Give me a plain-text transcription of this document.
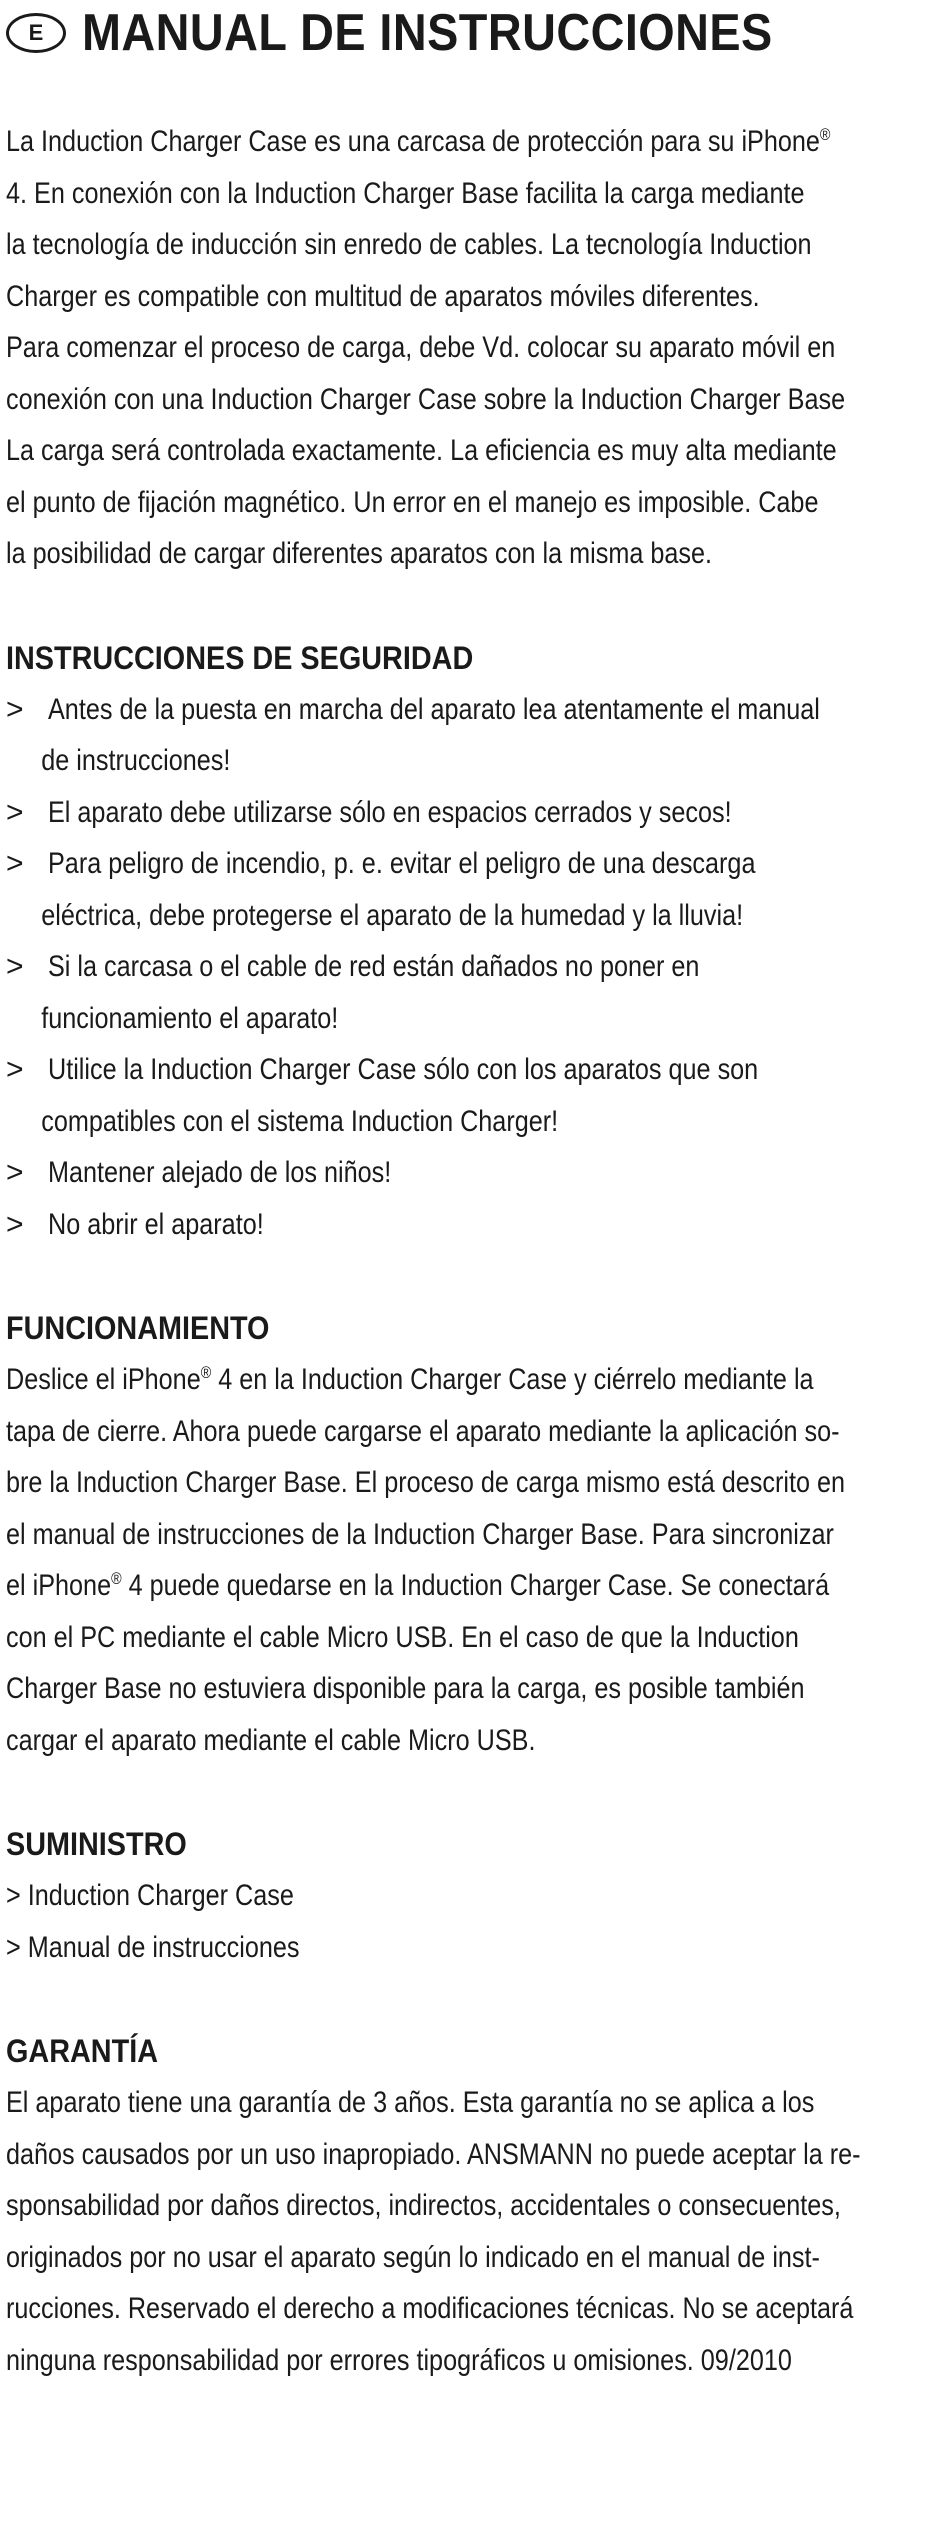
E MANUAL DE INSTRUCCIONES
La Induction Charger Case es una carcasa de protección para su iPhone®
4. En conexión con la Induction Charger Base facilita la carga mediante
la tecnología de inducción sin enredo de cables. La tecnología Induction
Charger es compatible con multitud de aparatos móviles diferentes.
Para comenzar el proceso de carga, debe Vd. colocar su aparato móvil en
conexión con una Induction Charger Case sobre la Induction Charger Base
La carga será controlada exactamente. La eficiencia es muy alta mediante
el punto de fijación magnético. Un error en el manejo es imposible. Cabe
la posibilidad de cargar diferentes aparatos con la misma base.
INSTRUCCIONES DE SEGURIDAD
> Antes de la puesta en marcha del aparato lea atentamente el manual
de instrucciones!
> El aparato debe utilizarse sólo en espacios cerrados y secos!
> Para peligro de incendio, p. e. evitar el peligro de una descarga
eléctrica, debe protegerse el aparato de la humedad y la lluvia!
> Si la carcasa o el cable de red están dañados no poner en
funcionamiento el aparato!
> Utilice la Induction Charger Case sólo con los aparatos que son
compatibles con el sistema Induction Charger!
> Mantener alejado de los niños!
> No abrir el aparato!
FUNCIONAMIENTO
Deslice el iPhone® 4 en la Induction Charger Case y ciérrelo mediante la
tapa de cierre. Ahora puede cargarse el aparato mediante la aplicación so-
bre la Induction Charger Base. El proceso de carga mismo está descrito en
el manual de instrucciones de la Induction Charger Base. Para sincronizar
el iPhone® 4 puede quedarse en la Induction Charger Case. Se conectará
con el PC mediante el cable Micro USB. En el caso de que la Induction
Charger Base no estuviera disponible para la carga, es posible también
cargar el aparato mediante el cable Micro USB.
SUMINISTRO
> Induction Charger Case
> Manual de instrucciones
GARANTÍA
El aparato tiene una garantía de 3 años. Esta garantía no se aplica a los
daños causados por un uso inapropiado. ANSMANN no puede aceptar la re-
sponsabilidad por daños directos, indirectos, accidentales o consecuentes,
originados por no usar el aparato según lo indicado en el manual de inst-
rucciones. Reservado el derecho a modificaciones técnicas. No se aceptará
ninguna responsabilidad por errores tipográficos u omisiones. 09/2010
